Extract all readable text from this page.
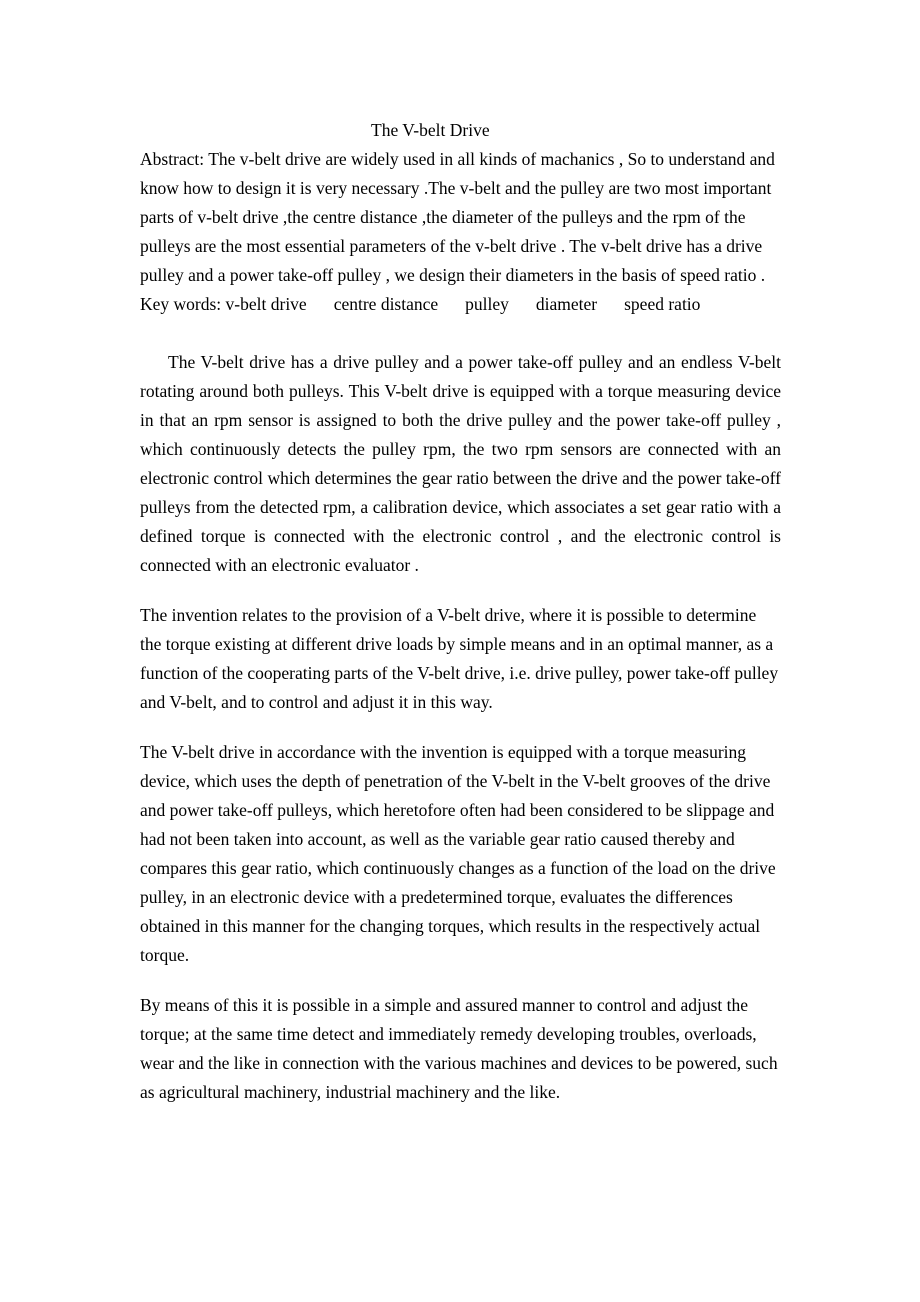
The V-belt Drive

Abstract: The v-belt drive are widely used in all kinds of machanics , So to understand and know how to design it is very necessary .The v-belt and the pulley are two most important parts of v-belt drive ,the centre distance ,the diameter of the pulleys and the rpm of the pulleys are the most essential parameters of the v-belt drive . The v-belt drive has a drive pulley and a power take-off pulley , we design their diameters in the basis of speed ratio .

Key words: v-belt drive centre distance pulley diameter speed ratio

The V-belt drive has a drive pulley and a power take-off pulley and an endless V-belt rotating around both pulleys. This V-belt drive is equipped with a torque measuring device in that an rpm sensor is assigned to both the drive pulley and the power take-off pulley , which continuously detects the pulley rpm, the two rpm sensors are connected with an electronic control which determines the gear ratio between the drive and the power take-off pulleys from the detected rpm, a calibration device, which associates a set gear ratio with a defined torque is connected with the electronic control , and the electronic control is connected with an electronic evaluator .

The invention relates to the provision of a V-belt drive, where it is possible to determine the torque existing at different drive loads by simple means and in an optimal manner, as a function of the cooperating parts of the V-belt drive, i.e. drive pulley, power take-off pulley and V-belt, and to control and adjust it in this way.

The V-belt drive in accordance with the invention is equipped with a torque measuring device, which uses the depth of penetration of the V-belt in the V-belt grooves of the drive and power take-off pulleys, which heretofore often had been considered to be slippage and had not been taken into account, as well as the variable gear ratio caused thereby and compares this gear ratio, which continuously changes as a function of the load on the drive pulley, in an electronic device with a predetermined torque, evaluates the differences obtained in this manner for the changing torques, which results in the respectively actual torque.

By means of this it is possible in a simple and assured manner to control and adjust the torque; at the same time detect and immediately remedy developing troubles, overloads, wear and the like in connection with the various machines and devices to be powered, such as agricultural machinery, industrial machinery and the like.
